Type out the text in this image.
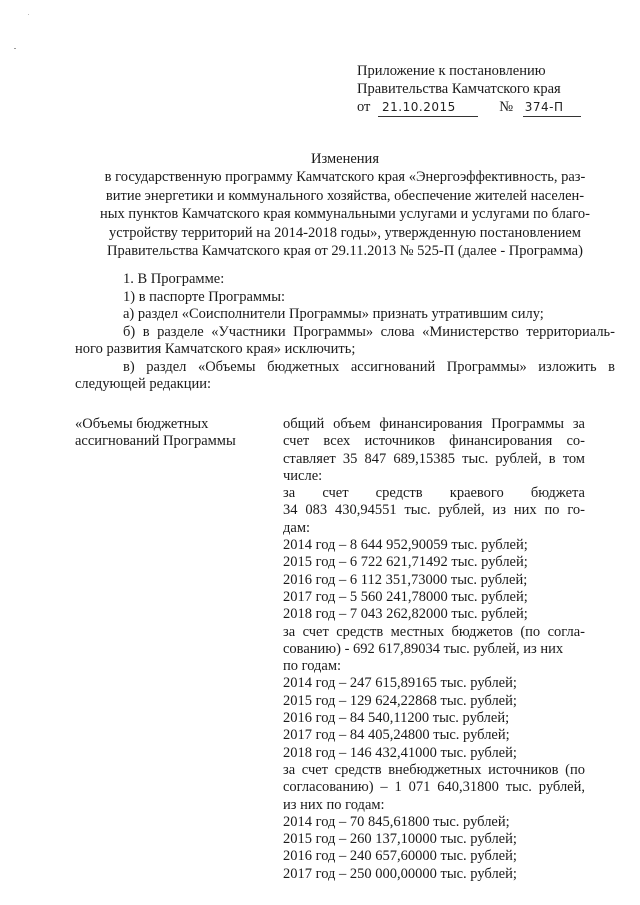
Приложение к постановлению
Правительства Камчатского края
от 21.10.2015	№ 374-П
Изменения
в государственную программу Камчатского края «Энергоэффективность, раз-
витие энергетики и коммунального хозяйства, обеспечение жителей населен-
ных пунктов Камчатского края коммунальными услугами и услугами по благо-
устройству территорий на 2014-2018 годы», утвержденную постановлением
Правительства Камчатского края от 29.11.2013 № 525-П (далее - Программа)

1. В Программе:

1) в паспорте Программы:

а) раздел «Соисполнители Программы» признать утратившим силу;

б) в разделе «Участники Программы» слова «Министерство территориаль-ного развития Камчатского края» исключить;

в) раздел «Объемы бюджетных ассигнований Программы» изложить в следующей редакции:

«Объемы бюджетных
ассигнований Программы
общий объем финансирования Программы за
счет всех источников финансирования со-
ставляет 35 847 689,15385 тыс. рублей, в том
числе:
за счет средств краевого бюджета
34 083 430,94551 тыс. рублей, из них по го-
дам:
2014 год – 8 644 952,90059 тыс. рублей;
2015 год – 6 722 621,71492 тыс. рублей;
2016 год – 6 112 351,73000 тыс. рублей;
2017 год – 5 560 241,78000 тыс. рублей;
2018 год – 7 043 262,82000 тыс. рублей;
за счет средств местных бюджетов (по согла-
сованию) - 692 617,89034 тыс. рублей, из них
по годам:
2014 год – 247 615,89165 тыс. рублей;
2015 год – 129 624,22868 тыс. рублей;
2016 год – 84 540,11200 тыс. рублей;
2017 год – 84 405,24800 тыс. рублей;
2018 год – 146 432,41000 тыс. рублей;
за счет средств внебюджетных источников (по
согласованию) – 1 071 640,31800 тыс. рублей,
из них по годам:
2014 год – 70 845,61800 тыс. рублей;
2015 год – 260 137,10000 тыс. рублей;
2016 год – 240 657,60000 тыс. рублей;
2017 год – 250 000,00000 тыс. рублей;
